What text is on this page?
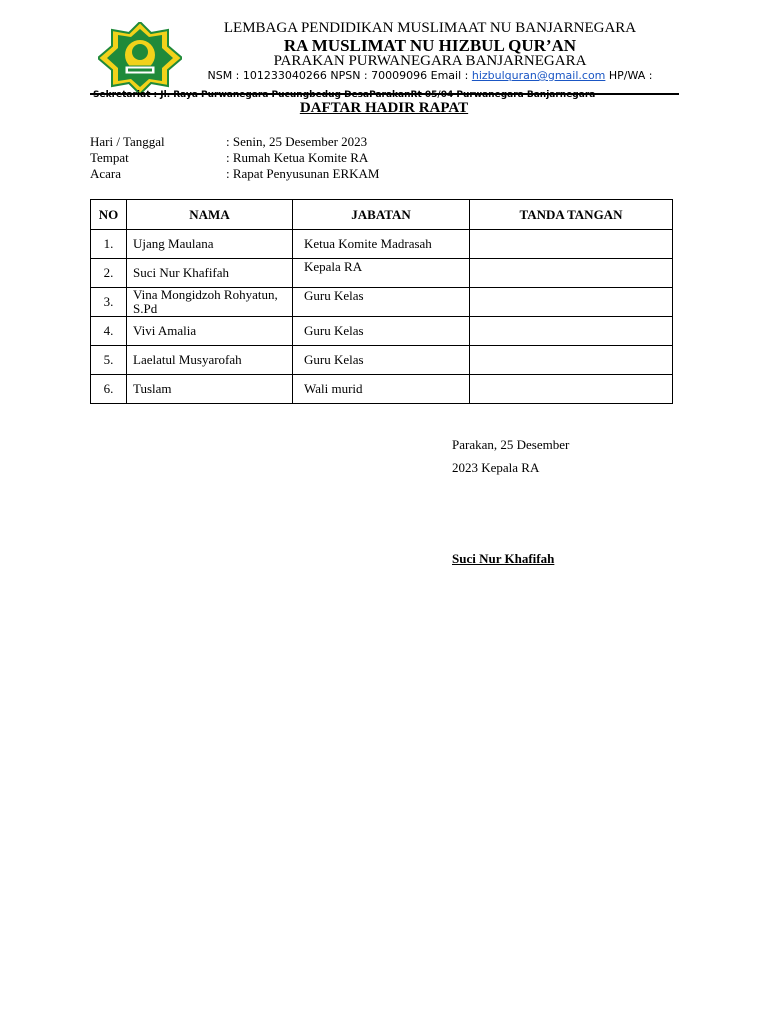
LEMBAGA PENDIDIKAN MUSLIMAAT NU BANJARNEGARA
RA MUSLIMAT NU HIZBUL QUR’AN
PARAKAN PURWANEGARA BANJARNEGARA
NSM : 101233040266 NPSN : 70009096 Email : hizbulquran@gmail.com HP/WA :
Sekretariat : Jl. Raya Purwanegara Pucungbedug DesaParakanRt 05/04 Purwanegara Banjarnegara
DAFTAR HADIR RAPAT
Hari / Tanggal	: Senin, 25 Desember 2023
Tempat	: Rumah Ketua Komite RA
Acara	: Rapat Penyusunan ERKAM
NO	NAMA	JABATAN	TANDA TANGAN
1.	Ujang Maulana	Ketua Komite Madrasah	
2.	Suci Nur Khafifah	Kepala RA	
3.	Vina Mongidzoh Rohyatun, S.Pd	Guru Kelas	
4.	Vivi Amalia	Guru Kelas	
5.	Laelatul Musyarofah	Guru Kelas	
6.	Tuslam	Wali murid	
Parakan, 25 Desember
2023 Kepala RA
Suci Nur Khafifah
